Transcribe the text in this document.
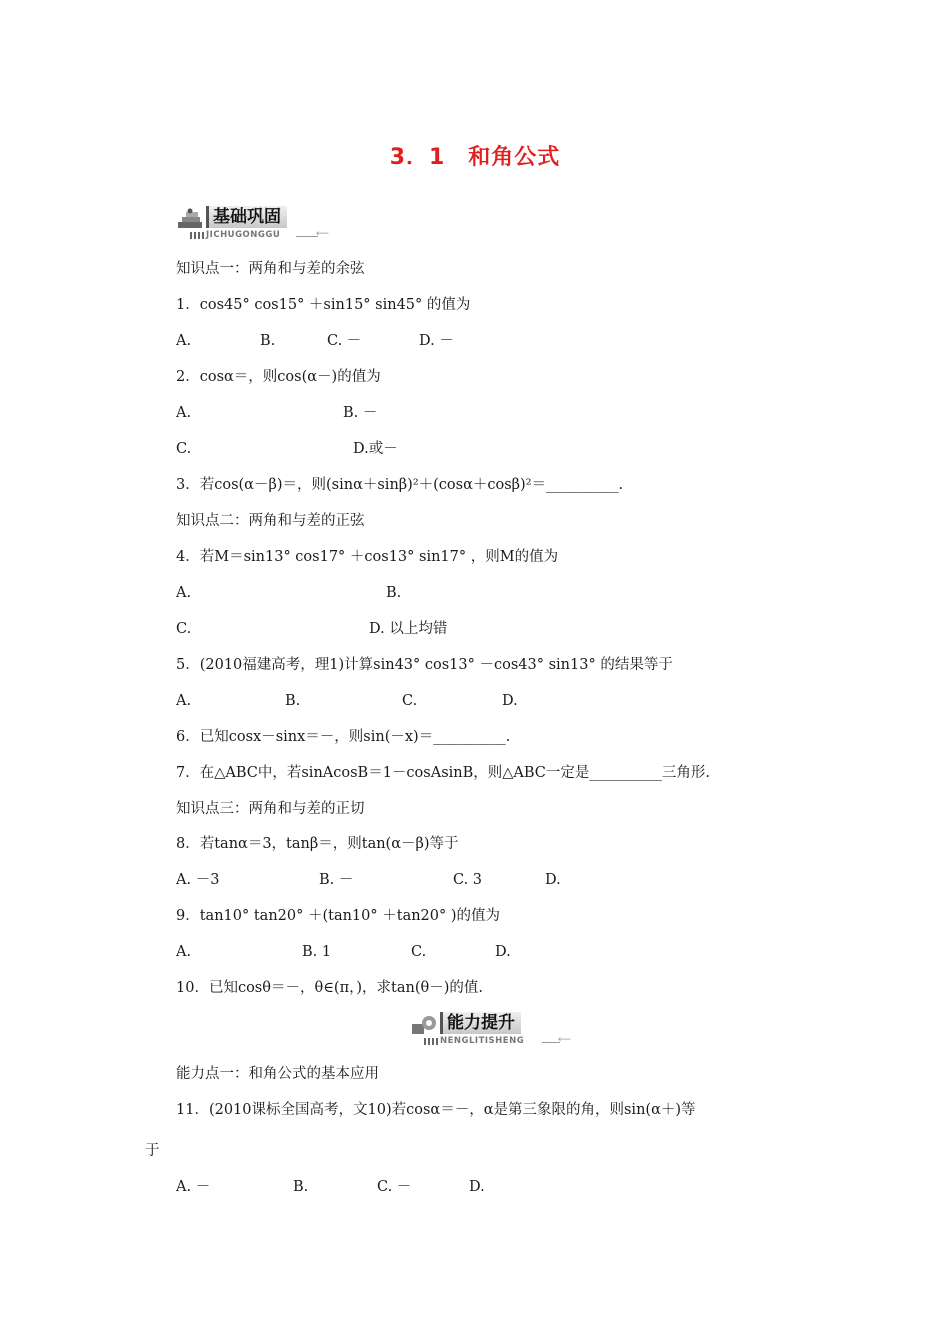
3．1　和角公式
基础巩固
JICHUGONGGU	⟵
知识点一：两角和与差的余弦
1．cos45° cos15° ＋sin15° sin45° 的值为
A.	B.	C. －	D. －
2．cosα＝，则cos(α－)的值为
A.	B. －
C.	D.或－
3．若cos(α－β)＝，则(sinα＋sinβ)²＋(cosα＋cosβ)²＝__________.
知识点二：两角和与差的正弦
4．若M＝sin13° cos17° ＋cos13° sin17° ，则M的值为
A.	B.
C.	D. 以上均错
5．(2010福建高考，理1)计算sin43° cos13° －cos43° sin13° 的结果等于
A.	B.	C.	D.
6．已知cosx－sinx＝－，则sin(－x)＝__________.
7．在△ABC中，若sinAcosB＝1－cosAsinB，则△ABC一定是__________三角形.
知识点三：两角和与差的正切
8．若tanα＝3，tanβ＝，则tan(α－β)等于
A. －3	B. －	C. 3	D.
9．tan10° tan20° ＋(tan10° ＋tan20° )的值为
A.	B. 1	C.	D.
10．已知cosθ＝－，θ∈(π，)，求tan(θ－)的值.
能力提升
NENGLITISHENG	⟵
能力点一：和角公式的基本应用
11．(2010课标全国高考，文10)若cosα＝－，α是第三象限的角，则sin(α＋)等
于
A. －	B.	C. －	D.
